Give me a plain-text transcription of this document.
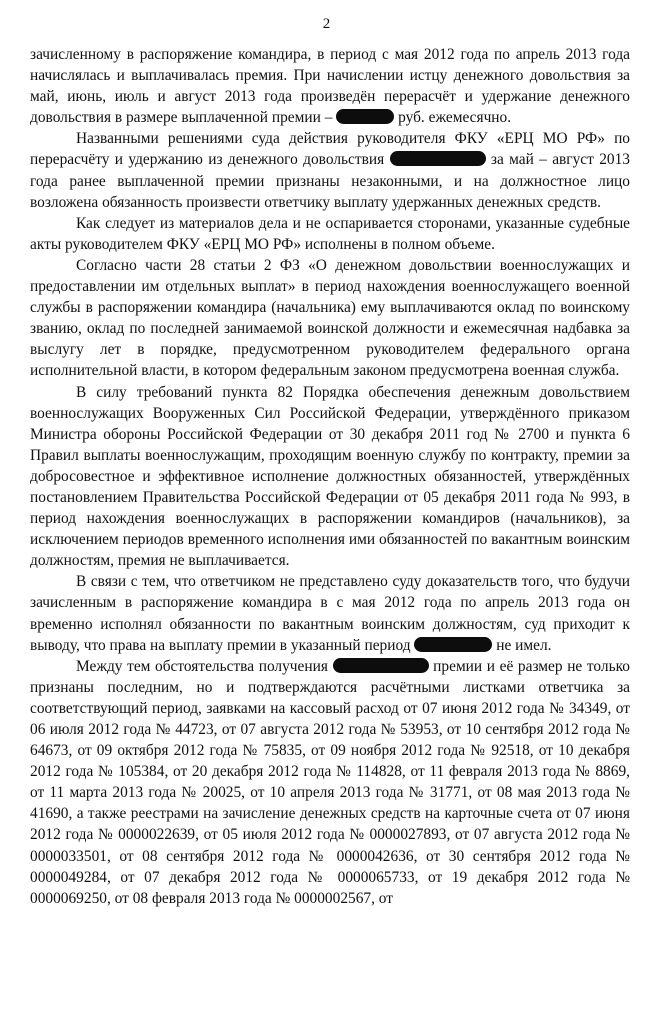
2

зачисленному в распоряжение командира, в период с мая 2012 года по апрель 2013 года начислялась и выплачивалась премия. При начислении истцу денежного довольствия за май, июнь, июль и август 2013 года произведён перерасчёт и удержание денежного довольствия в размере выплаченной премии –	руб. ежемесячно.

Названными решениями суда действия руководителя ФКУ «ЕРЦ МО РФ» по перерасчёту и удержанию из денежного довольствия	за май – август 2013 года ранее выплаченной премии признаны незаконными, и на должностное лицо возложена обязанность произвести ответчику выплату удержанных денежных средств.

Как следует из материалов дела и не оспаривается сторонами, указанные судебные акты руководителем ФКУ «ЕРЦ МО РФ» исполнены в полном объеме.

Согласно части 28 статьи 2 ФЗ «О денежном довольствии военнослужащих и предоставлении им отдельных выплат» в период нахождения военнослужащего военной службы в распоряжении командира (начальника) ему выплачиваются оклад по воинскому званию, оклад по последней занимаемой воинской должности и ежемесячная надбавка за выслугу лет в порядке, предусмотренном руководителем федерального органа исполнительной власти, в котором федеральным законом предусмотрена военная служба.

В силу требований пункта 82 Порядка обеспечения денежным довольствием военнослужащих Вооруженных Сил Российской Федерации, утверждённого приказом Министра обороны Российской Федерации от 30 декабря 2011 год № 2700 и пункта 6 Правил выплаты военнослужащим, проходящим военную службу по контракту, премии за добросовестное и эффективное исполнение должностных обязанностей, утверждённых постановлением Правительства Российской Федерации от 05 декабря 2011 года № 993, в период нахождения военнослужащих в распоряжении командиров (начальников), за исключением периодов временного исполнения ими обязанностей по вакантным воинским должностям, премия не выплачивается.

В связи с тем, что ответчиком не представлено суду доказательств того, что будучи зачисленным в распоряжение командира в с мая 2012 года по апрель 2013 года он временно исполнял обязанности по вакантным воинским должностям, суд приходит к выводу, что права на выплату премии в указанный период	не имел.

Между тем обстоятельства получения	премии и её размер не только признаны последним, но и подтверждаются расчётными листками ответчика за соответствующий период, заявками на кассовый расход от 07 июня 2012 года № 34349, от 06 июля 2012 года № 44723, от 07 августа 2012 года № 53953, от 10 сентября 2012 года № 64673, от 09 октября 2012 года № 75835, от 09 ноября 2012 года № 92518, от 10 декабря 2012 года № 105384, от 20 декабря 2012 года № 114828, от 11 февраля 2013 года № 8869, от 11 марта 2013 года № 20025, от 10 апреля 2013 года № 31771, от 08 мая 2013 года № 41690, а также реестрами на зачисление денежных средств на карточные счета от 07 июня 2012 года № 0000022639, от 05 июля 2012 года № 0000027893, от 07 августа 2012 года № 0000033501, от 08 сентября 2012 года № 0000042636, от 30 сентября 2012 года № 0000049284, от 07 декабря 2012 года № 0000065733, от 19 декабря 2012 года № 0000069250, от 08 февраля 2013 года № 0000002567, от
